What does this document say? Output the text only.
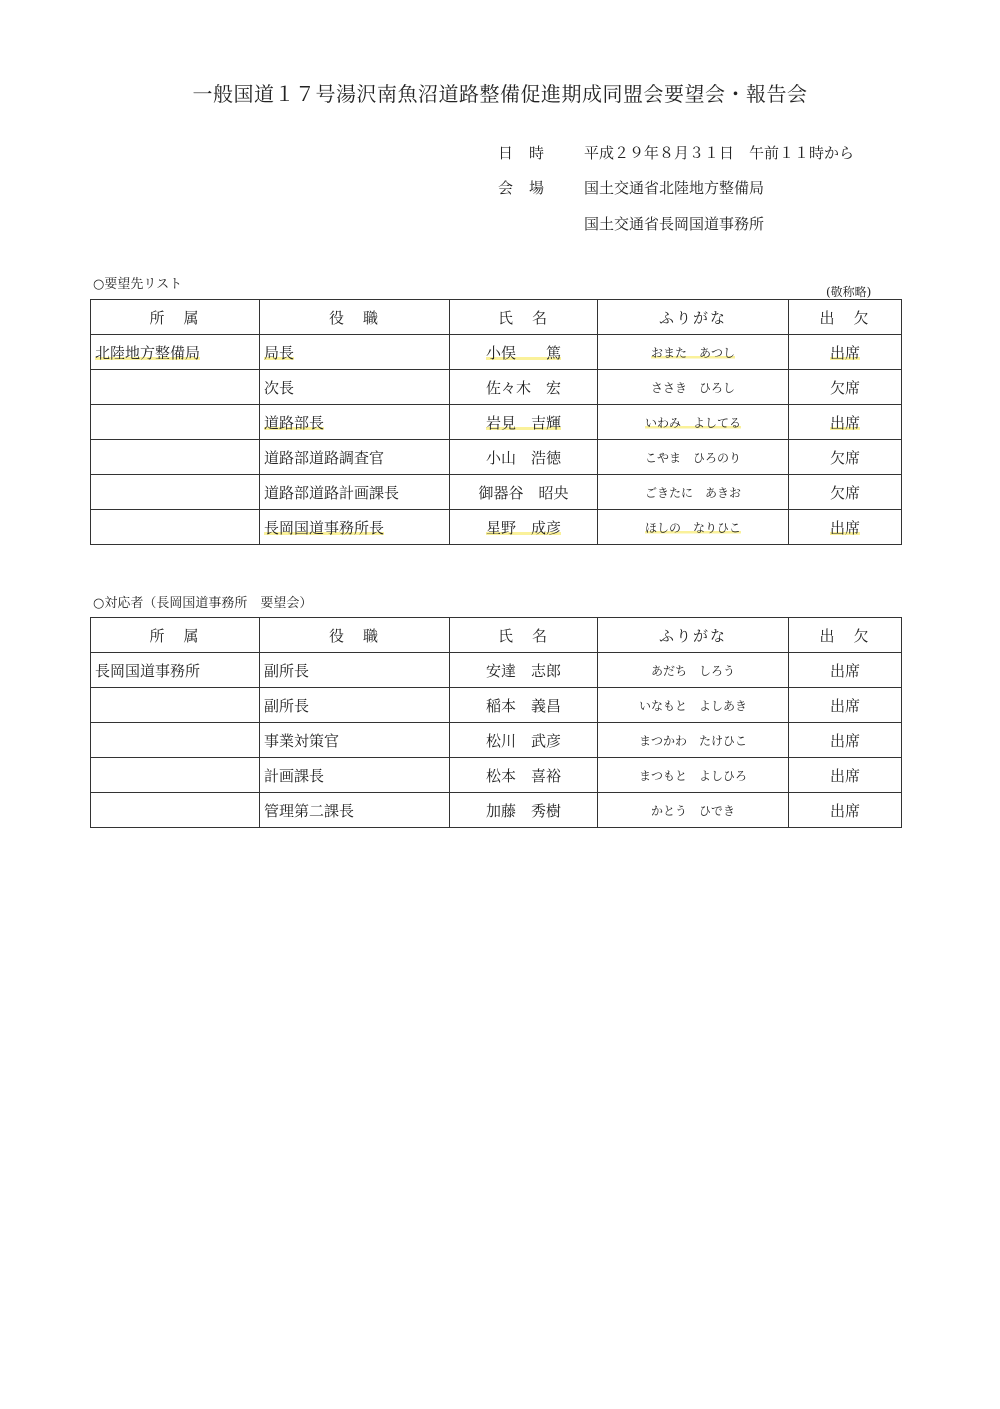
一般国道１７号湯沢南魚沼道路整備促進期成同盟会要望会・報告会
日時 平成２９年８月３１日　午前１１時から
会場 国土交通省北陸地方整備局
国土交通省長岡国道事務所
○要望先リスト	(敬称略)
所　属	役　職	氏　名	ふりがな	出　欠
北陸地方整備局	局長	小俣　　篤	おまた　あつし	出席
	次長	佐々木　宏	ささき　ひろし	欠席
	道路部長	岩見　吉輝	いわみ　よしてる	出席
	道路部道路調査官	小山　浩徳	こやま　ひろのり	欠席
	道路部道路計画課長	御器谷　昭央	ごきたに　あきお	欠席
	長岡国道事務所長	星野　成彦	ほしの　なりひこ	出席
○対応者（長岡国道事務所　要望会）
所　属	役　職	氏　名	ふりがな	出　欠
長岡国道事務所	副所長	安達　志郎	あだち　しろう	出席
	副所長	稲本　義昌	いなもと　よしあき	出席
	事業対策官	松川　武彦	まつかわ　たけひこ	出席
	計画課長	松本　喜裕	まつもと　よしひろ	出席
	管理第二課長	加藤　秀樹	かとう　ひでき	出席
